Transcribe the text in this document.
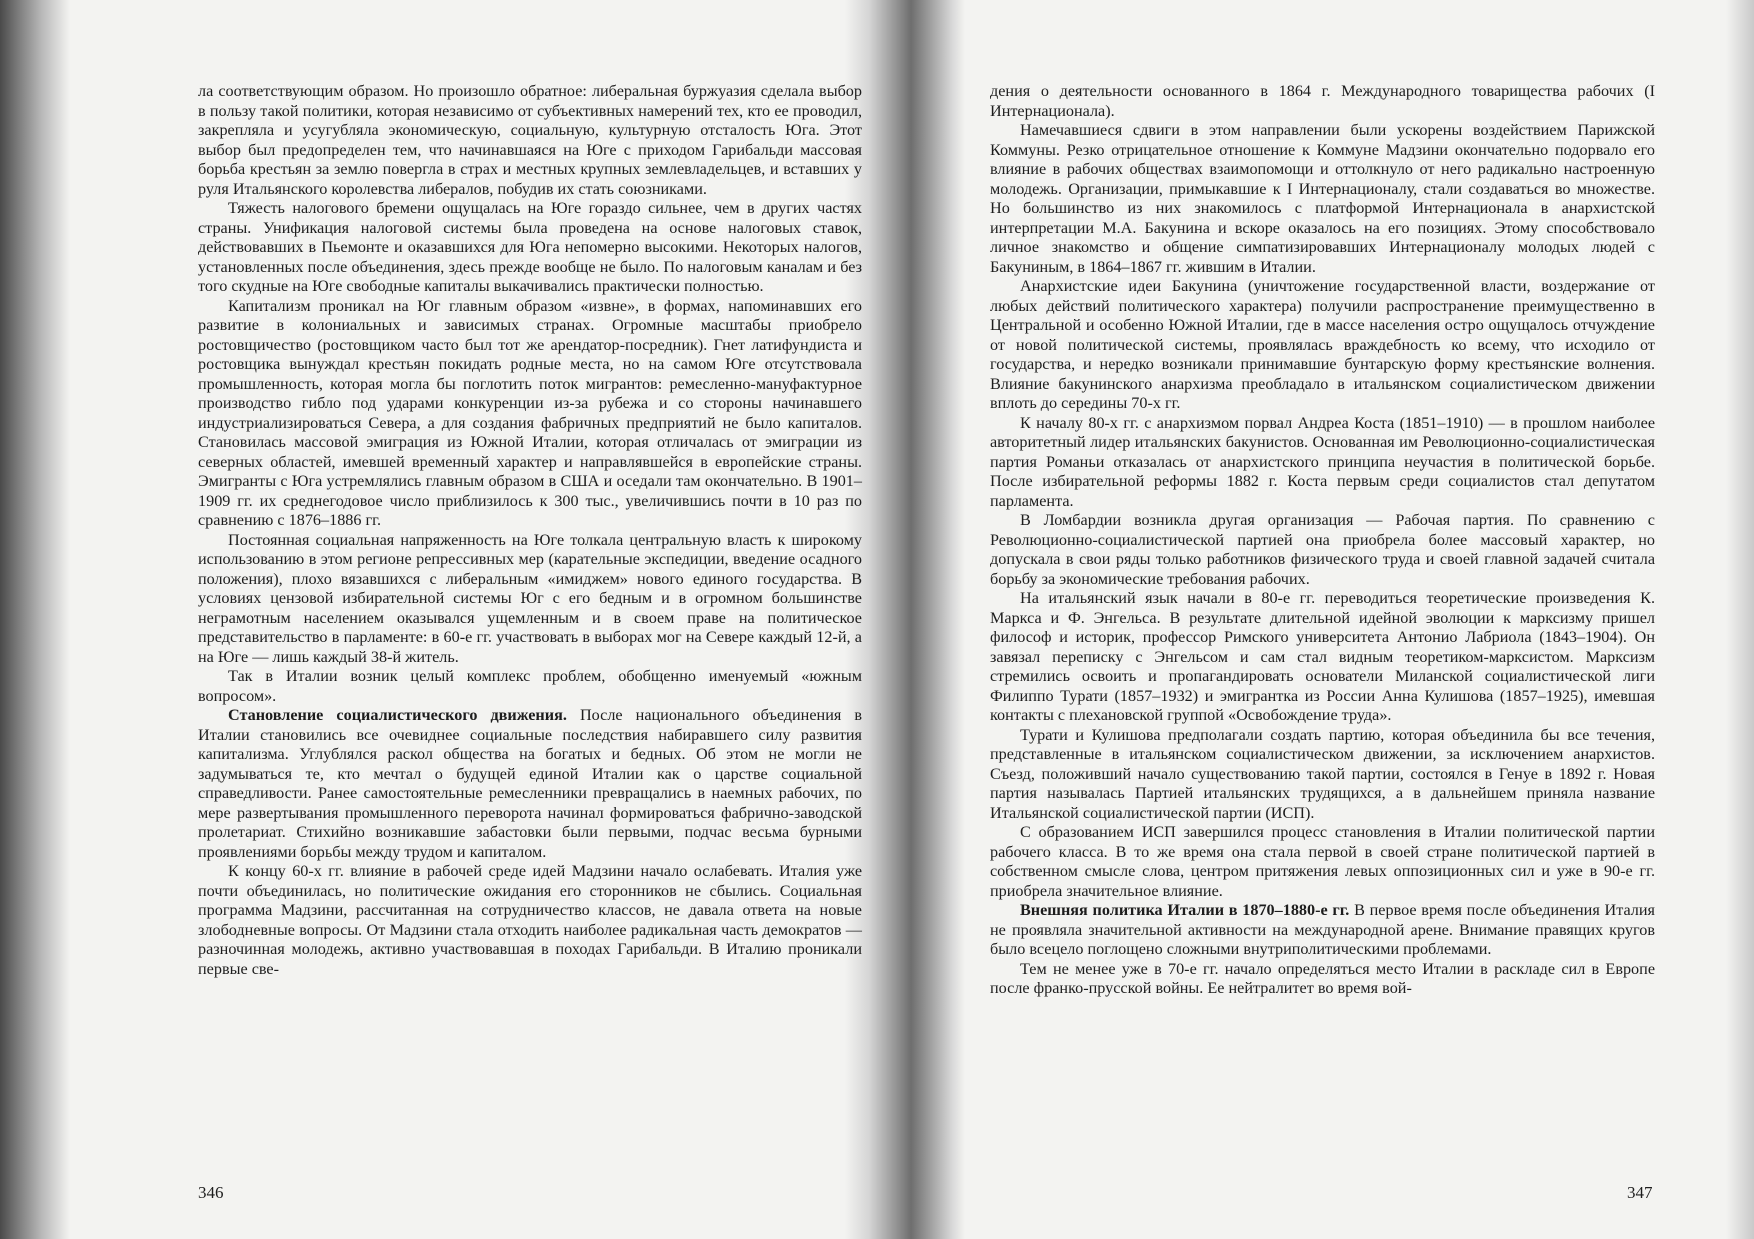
ла соответствующим образом. Но произошло обратное: либеральная буржуазия сделала выбор в пользу такой политики, которая независимо от субъективных намерений тех, кто ее проводил, закрепляла и усугубляла экономическую, социальную, культурную отсталость Юга. Этот выбор был предопределен тем, что начинавшаяся на Юге с приходом Гарибальди массовая борьба крестьян за землю повергла в страх и местных крупных землевладельцев, и вставших у руля Итальянского королевства либералов, побудив их стать союзниками.

Тяжесть налогового бремени ощущалась на Юге гораздо сильнее, чем в других частях страны. Унификация налоговой системы была проведена на основе налоговых ставок, действовавших в Пьемонте и оказавшихся для Юга непомерно высокими. Некоторых налогов, установленных после объединения, здесь прежде вообще не было. По налоговым каналам и без того скудные на Юге свободные капиталы выкачивались практически полностью.

Капитализм проникал на Юг главным образом «извне», в формах, напоминавших его развитие в колониальных и зависимых странах. Огромные масштабы приобрело ростовщичество (ростовщиком часто был тот же арендатор-посредник). Гнет латифундиста и ростовщика вынуждал крестьян покидать родные места, но на самом Юге отсутствовала промышленность, которая могла бы поглотить поток мигрантов: ремесленно-мануфактурное производство гибло под ударами конкуренции из-за рубежа и со стороны начинавшего индустриализироваться Севера, а для создания фабричных предприятий не было капиталов. Становилась массовой эмиграция из Южной Италии, которая отличалась от эмиграции из северных областей, имевшей временный характер и направлявшейся в европейские страны. Эмигранты с Юга устремлялись главным образом в США и оседали там окончательно. В 1901–1909 гг. их среднегодовое число приблизилось к 300 тыс., увеличившись почти в 10 раз по сравнению с 1876–1886 гг.

Постоянная социальная напряженность на Юге толкала центральную власть к широкому использованию в этом регионе репрессивных мер (карательные экспедиции, введение осадного положения), плохо вязавшихся с либеральным «имиджем» нового единого государства. В условиях цензовой избирательной системы Юг с его бедным и в огромном большинстве неграмотным населением оказывался ущемленным и в своем праве на политическое представительство в парламенте: в 60-е гг. участвовать в выборах мог на Севере каждый 12-й, а на Юге — лишь каждый 38-й житель.

Так в Италии возник целый комплекс проблем, обобщенно именуемый «южным вопросом».

Становление социалистического движения. После национального объединения в Италии становились все очевиднее социальные последствия набиравшего силу развития капитализма. Углублялся раскол общества на богатых и бедных. Об этом не могли не задумываться те, кто мечтал о будущей единой Италии как о царстве социальной справедливости. Ранее самостоятельные ремесленники превращались в наемных рабочих, по мере развертывания промышленного переворота начинал формироваться фабрично-заводской пролетариат. Стихийно возникавшие забастовки были первыми, подчас весьма бурными проявлениями борьбы между трудом и капиталом.

К концу 60-х гг. влияние в рабочей среде идей Мадзини начало ослабевать. Италия уже почти объединилась, но политические ожидания его сторонников не сбылись. Социальная программа Мадзини, рассчитанная на сотрудничество классов, не давала ответа на новые злободневные вопросы. От Мадзини стала отходить наиболее радикальная часть демократов — разночинная молодежь, активно участвовавшая в походах Гарибальди. В Италию проникали первые све-

дения о деятельности основанного в 1864 г. Международного товарищества рабочих (I Интернационала).

Намечавшиеся сдвиги в этом направлении были ускорены воздействием Парижской Коммуны. Резко отрицательное отношение к Коммуне Мадзини окончательно подорвало его влияние в рабочих обществах взаимопомощи и оттолкнуло от него радикально настроенную молодежь. Организации, примыкавшие к I Интернационалу, стали создаваться во множестве. Но большинство из них знакомилось с платформой Интернационала в анархистской интерпретации М.А. Бакунина и вскоре оказалось на его позициях. Этому способствовало личное знакомство и общение симпатизировавших Интернационалу молодых людей с Бакуниным, в 1864–1867 гг. жившим в Италии.

Анархистские идеи Бакунина (уничтожение государственной власти, воздержание от любых действий политического характера) получили распространение преимущественно в Центральной и особенно Южной Италии, где в массе населения остро ощущалось отчуждение от новой политической системы, проявлялась враждебность ко всему, что исходило от государства, и нередко возникали принимавшие бунтарскую форму крестьянские волнения. Влияние бакунинского анархизма преобладало в итальянском социалистическом движении вплоть до середины 70-х гг.

К началу 80-х гг. с анархизмом порвал Андреа Коста (1851–1910) — в прошлом наиболее авторитетный лидер итальянских бакунистов. Основанная им Революционно-социалистическая партия Романьи отказалась от анархистского принципа неучастия в политической борьбе. После избирательной реформы 1882 г. Коста первым среди социалистов стал депутатом парламента.

В Ломбардии возникла другая организация — Рабочая партия. По сравнению с Революционно-социалистической партией она приобрела более массовый характер, но допускала в свои ряды только работников физического труда и своей главной задачей считала борьбу за экономические требования рабочих.

На итальянский язык начали в 80-е гг. переводиться теоретические произведения К. Маркса и Ф. Энгельса. В результате длительной идейной эволюции к марксизму пришел философ и историк, профессор Римского университета Антонио Лабриола (1843–1904). Он завязал переписку с Энгельсом и сам стал видным теоретиком-марксистом. Марксизм стремились освоить и пропагандировать основатели Миланской социалистической лиги Филиппо Турати (1857–1932) и эмигрантка из России Анна Кулишова (1857–1925), имевшая контакты с плехановской группой «Освобождение труда».

Турати и Кулишова предполагали создать партию, которая объединила бы все течения, представленные в итальянском социалистическом движении, за исключением анархистов. Съезд, положивший начало существованию такой партии, состоялся в Генуе в 1892 г. Новая партия называлась Партией итальянских трудящихся, а в дальнейшем приняла название Итальянской социалистической партии (ИСП).

С образованием ИСП завершился процесс становления в Италии политической партии рабочего класса. В то же время она стала первой в своей стране политической партией в собственном смысле слова, центром притяжения левых оппозиционных сил и уже в 90-е гг. приобрела значительное влияние.

Внешняя политика Италии в 1870–1880-е гг. В первое время после объединения Италия не проявляла значительной активности на международной арене. Внимание правящих кругов было всецело поглощено сложными внутриполитическими проблемами.

Тем не менее уже в 70-е гг. начало определяться место Италии в раскладе сил в Европе после франко-прусской войны. Ее нейтралитет во время вой-

346	347
